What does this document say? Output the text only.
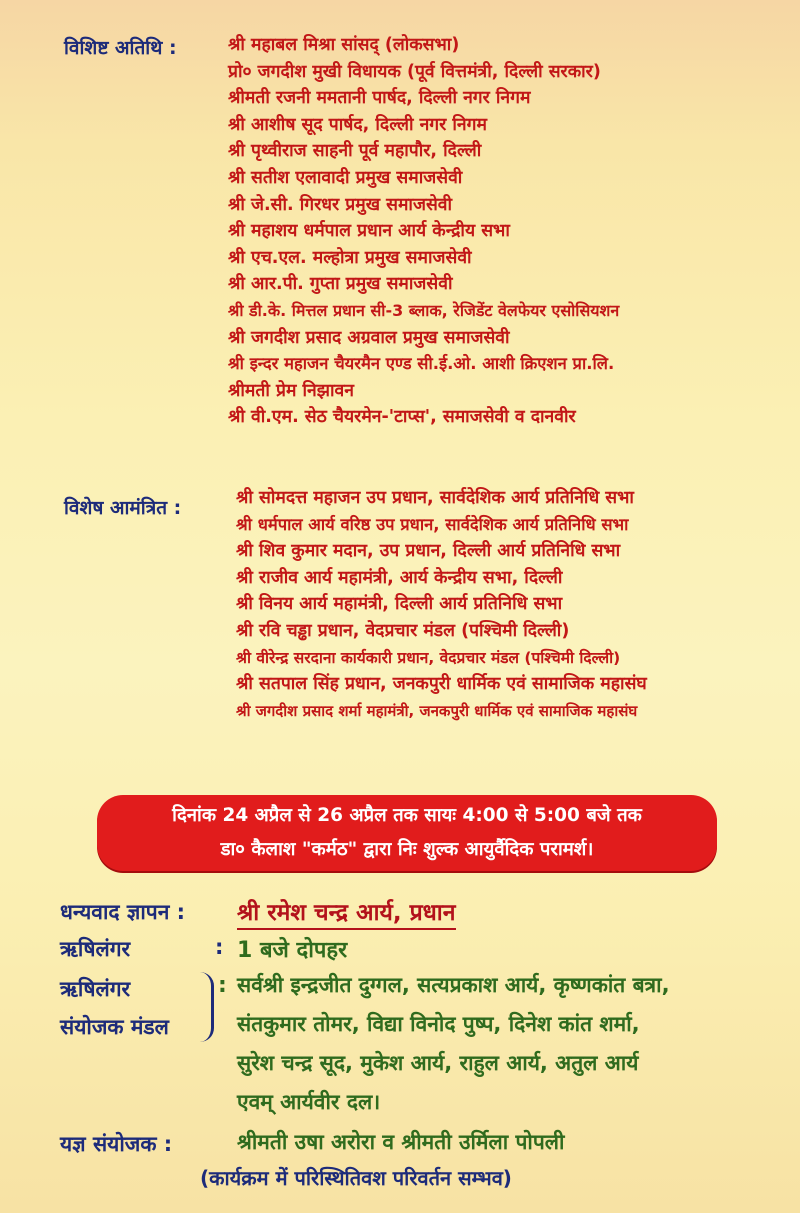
विशिष्ट अतिथि :	श्री महाबल मिश्रा सांसद् (लोकसभा)
प्रो० जगदीश मुखी विधायक (पूर्व वित्तमंत्री, दिल्ली सरकार)
श्रीमती रजनी ममतानी पार्षद, दिल्ली नगर निगम
श्री आशीष सूद पार्षद, दिल्ली नगर निगम
श्री पृथ्वीराज साहनी पूर्व महापौर, दिल्ली
श्री सतीश एलावादी प्रमुख समाजसेवी
श्री जे.सी. गिरधर प्रमुख समाजसेवी
श्री महाशय धर्मपाल प्रधान आर्य केन्द्रीय सभा
श्री एच.एल. मल्होत्रा प्रमुख समाजसेवी
श्री आर.पी. गुप्ता प्रमुख समाजसेवी
श्री डी.के. मित्तल प्रधान सी-3 ब्लाक, रेजिडेंट वेलफेयर एसोसियशन
श्री जगदीश प्रसाद अग्रवाल प्रमुख समाजसेवी
श्री इन्दर महाजन चैयरमैन एण्ड सी.ई.ओ. आशी क्रिएशन प्रा.लि.
श्रीमती प्रेम निझावन
श्री वी.एम. सेठ चैयरमेन-'टाप्स', समाजसेवी व दानवीर
विशेष आमंत्रित :	श्री सोमदत्त महाजन उप प्रधान, सार्वदेशिक आर्य प्रतिनिधि सभा
श्री धर्मपाल आर्य वरिष्ठ उप प्रधान, सार्वदेशिक आर्य प्रतिनिधि सभा
श्री शिव कुमार मदान, उप प्रधान, दिल्ली आर्य प्रतिनिधि सभा
श्री राजीव आर्य महामंत्री, आर्य केन्द्रीय सभा, दिल्ली
श्री विनय आर्य महामंत्री, दिल्ली आर्य प्रतिनिधि सभा
श्री रवि चड्ढा प्रधान, वेदप्रचार मंडल (पश्चिमी दिल्ली)
श्री वीरेन्द्र सरदाना कार्यकारी प्रधान, वेदप्रचार मंडल (पश्चिमी दिल्ली)
श्री सतपाल सिंह प्रधान, जनकपुरी धार्मिक एवं सामाजिक महासंघ
श्री जगदीश प्रसाद शर्मा महामंत्री, जनकपुरी धार्मिक एवं सामाजिक महासंघ
दिनांक 24 अप्रैल से 26 अप्रैल तक सायः 4:00 से 5:00 बजे तक
डा० कैलाश "कर्मठ" द्वारा निः शुल्क आयुर्वैदिक परामर्श।
धन्यवाद ज्ञापन : श्री रमेश चन्द्र आर्य, प्रधान
ऋषिलंगर	: 1 बजे दोपहर
ऋषिलंगर
संयोजक मंडल
: सर्वश्री इन्द्रजीत दुग्गल, सत्यप्रकाश आर्य, कृष्णकांत बत्रा,
संतकुमार तोमर, विद्या विनोद पुष्प, दिनेश कांत शर्मा,
सुरेश चन्द्र सूद, मुकेश आर्य, राहुल आर्य, अतुल आर्य
एवम् आर्यवीर दल।
यज्ञ संयोजक :	श्रीमती उषा अरोरा व श्रीमती उर्मिला पोपली
(कार्यक्रम में परिस्थितिवश परिवर्तन सम्भव)
